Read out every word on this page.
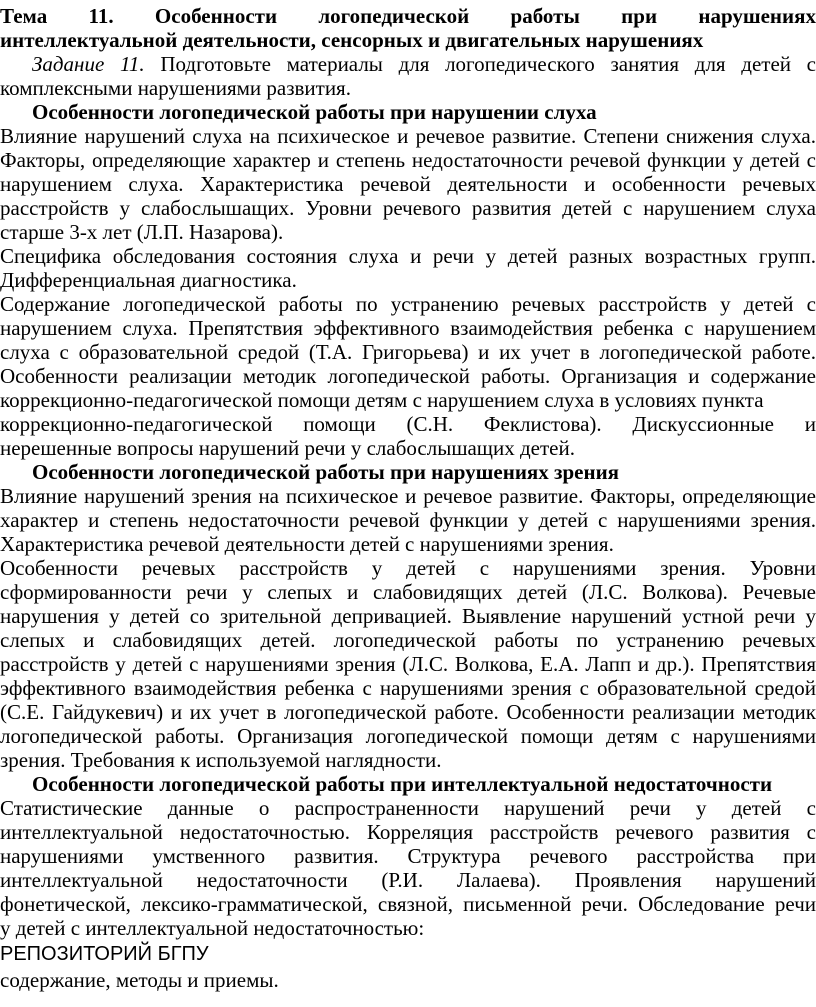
Тема 11. Особенности логопедической работы при нарушениях
интеллектуальной деятельности, сенсорных и двигательных нарушениях
Задание 11. Подготовьте материалы для логопедического занятия для детей с
комплексными нарушениями развития.
Особенности логопедической работы при нарушении слуха
Влияние нарушений слуха на психическое и речевое развитие. Степени снижения слуха.
Факторы, определяющие характер и степень недостаточности речевой функции у детей с
нарушением слуха. Характеристика речевой деятельности и особенности речевых
расстройств у слабослышащих. Уровни речевого развития детей с нарушением слуха
старше 3-х лет (Л.П. Назарова).
Специфика обследования состояния слуха и речи у детей разных возрастных групп.
Дифференциальная диагностика.
Содержание логопедической работы по устранению речевых расстройств у детей с
нарушением слуха. Препятствия эффективного взаимодействия ребенка с нарушением
слуха с образовательной средой (Т.А. Григорьева) и их учет в логопедической работе.
Особенности реализации методик логопедической работы. Организация и содержание
коррекционно-педагогической помощи детям с нарушением слуха в условиях пункта
коррекционно-педагогической помощи (С.Н. Феклистова). Дискуссионные и
нерешенные вопросы нарушений речи у слабослышащих детей.
Особенности логопедической работы при нарушениях зрения
Влияние нарушений зрения на психическое и речевое развитие. Факторы, определяющие
характер и степень недостаточности речевой функции у детей с нарушениями зрения.
Характеристика речевой деятельности детей с нарушениями зрения.
Особенности речевых расстройств у детей с нарушениями зрения. Уровни
сформированности речи у слепых и слабовидящих детей (Л.С. Волкова). Речевые
нарушения у детей со зрительной депривацией. Выявление нарушений устной речи у
слепых и слабовидящих детей. логопедической работы по устранению речевых
расстройств у детей с нарушениями зрения (Л.С. Волкова, Е.А. Лапп и др.). Препятствия
эффективного взаимодействия ребенка с нарушениями зрения с образовательной средой
(С.Е. Гайдукевич) и их учет в логопедической работе. Особенности реализации методик
логопедической работы. Организация логопедической помощи детям с нарушениями
зрения. Требования к используемой наглядности.
Особенности логопедической работы при интеллектуальной недостаточности
Статистические данные о распространенности нарушений речи у детей с
интеллектуальной недостаточностью. Корреляция расстройств речевого развития с
нарушениями умственного развития. Структура речевого расстройства при
интеллектуальной недостаточности (Р.И. Лалаева). Проявления нарушений
фонетической, лексико-грамматической, связной, письменной речи. Обследование речи
у детей с интеллектуальной недостаточностью:
РЕПОЗИТОРИЙ БГПУ
содержание, методы и приемы.
